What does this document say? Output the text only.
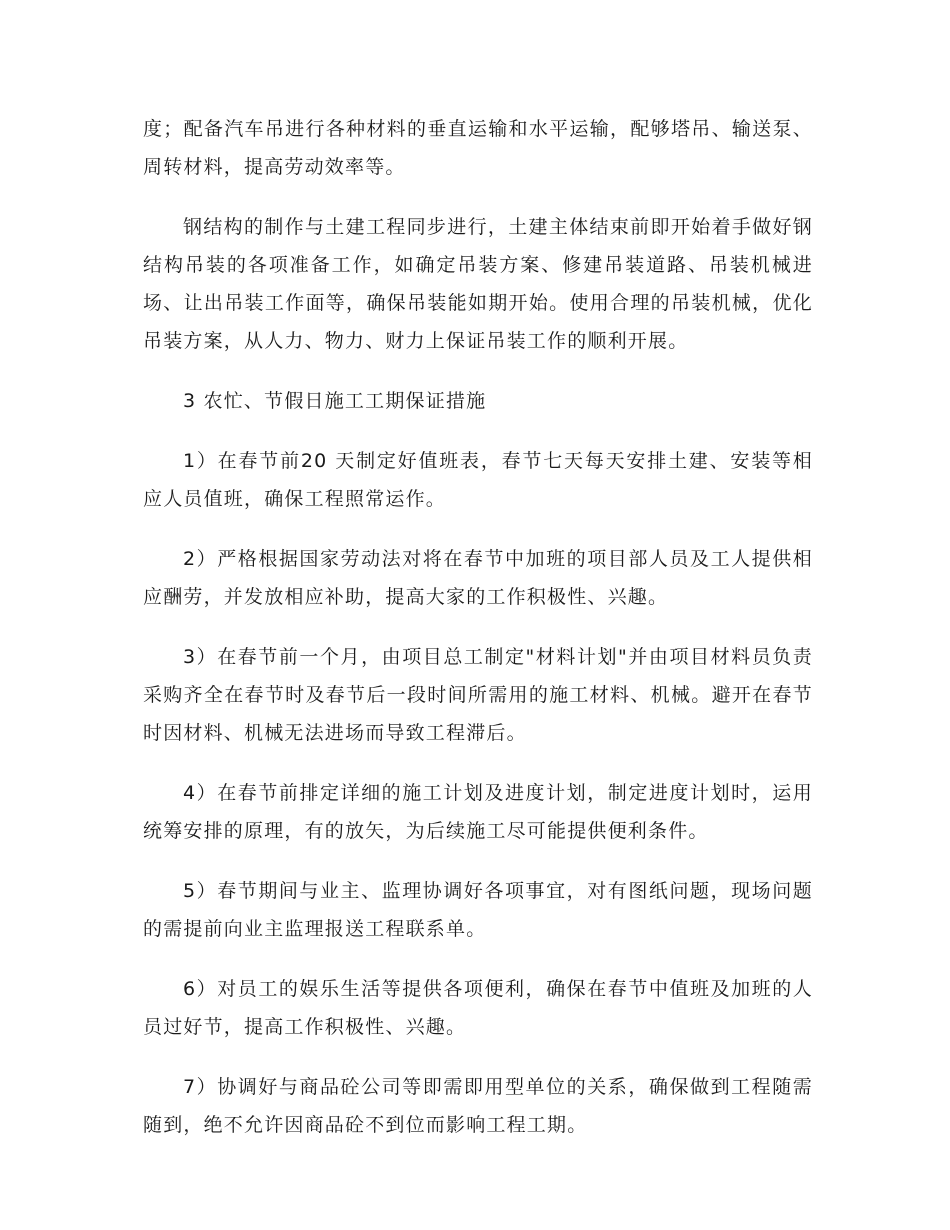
度；配备汽车吊进行各种材料的垂直运输和水平运输，配够塔吊、输送泵、周转材料，提高劳动效率等。

钢结构的制作与土建工程同步进行，土建主体结束前即开始着手做好钢结构吊装的各项准备工作，如确定吊装方案、修建吊装道路、吊装机械进场、让出吊装工作面等，确保吊装能如期开始。使用合理的吊装机械，优化吊装方案，从人力、物力、财力上保证吊装工作的顺利开展。

3 农忙、节假日施工工期保证措施

1）在春节前20 天制定好值班表，春节七天每天安排土建、安装等相应人员值班，确保工程照常运作。

2）严格根据国家劳动法对将在春节中加班的项目部人员及工人提供相应酬劳，并发放相应补助，提高大家的工作积极性、兴趣。

3）在春节前一个月，由项目总工制定"材料计划"并由项目材料员负责采购齐全在春节时及春节后一段时间所需用的施工材料、机械。避开在春节时因材料、机械无法进场而导致工程滞后。

4）在春节前排定详细的施工计划及进度计划，制定进度计划时，运用统筹安排的原理，有的放矢，为后续施工尽可能提供便利条件。

5）春节期间与业主、监理协调好各项事宜，对有图纸问题，现场问题的需提前向业主监理报送工程联系单。

6）对员工的娱乐生活等提供各项便利，确保在春节中值班及加班的人员过好节，提高工作积极性、兴趣。

7）协调好与商品砼公司等即需即用型单位的关系，确保做到工程随需随到，绝不允许因商品砼不到位而影响工程工期。
